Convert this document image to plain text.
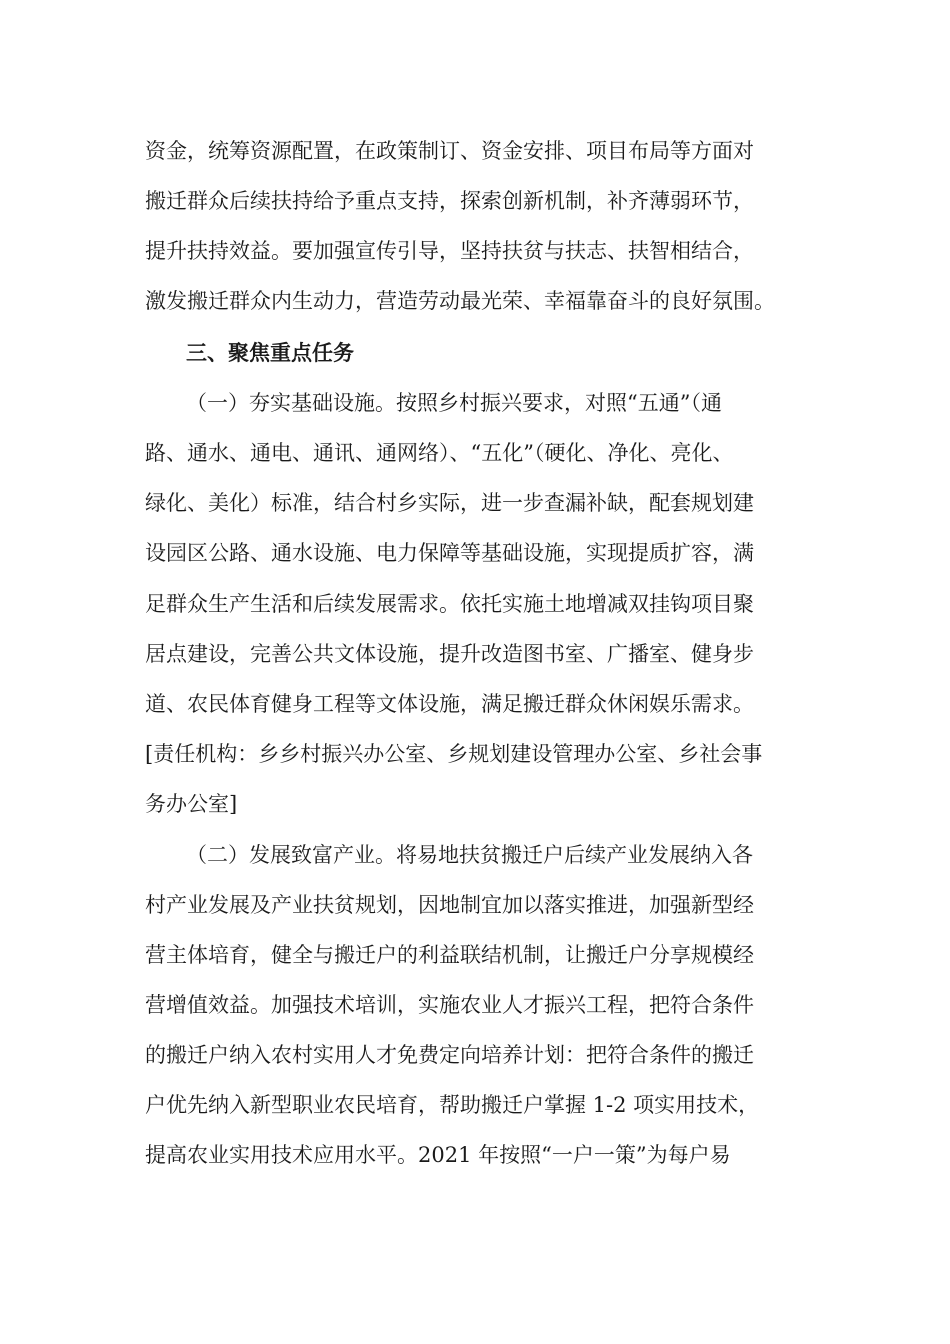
资金，统筹资源配置，在政策制订、资金安排、项目布局等方面对
搬迁群众后续扶持给予重点支持，探索创新机制，补齐薄弱环节，
提升扶持效益。要加强宣传引导，坚持扶贫与扶志、扶智相结合，
激发搬迁群众内生动力，营造劳动最光荣、幸福靠奋斗的良好氛围。
三、聚焦重点任务
（一）夯实基础设施。按照乡村振兴要求，对照“五通”（通
路、通水、通电、通讯、通网络）、“五化”（硬化、净化、亮化、
绿化、美化）标准，结合村乡实际，进一步查漏补缺，配套规划建
设园区公路、通水设施、电力保障等基础设施，实现提质扩容，满
足群众生产生活和后续发展需求。依托实施土地增减双挂钩项目聚
居点建设，完善公共文体设施，提升改造图书室、广播室、健身步
道、农民体育健身工程等文体设施，满足搬迁群众休闲娱乐需求。
[责任机构：乡乡村振兴办公室、乡规划建设管理办公室、乡社会事
务办公室]
（二）发展致富产业。将易地扶贫搬迁户后续产业发展纳入各
村产业发展及产业扶贫规划，因地制宜加以落实推进，加强新型经
营主体培育，健全与搬迁户的利益联结机制，让搬迁户分享规模经
营增值效益。加强技术培训，实施农业人才振兴工程，把符合条件
的搬迁户纳入农村实用人才免费定向培养计划：把符合条件的搬迁
户优先纳入新型职业农民培育，帮助搬迁户掌握 1-2 项实用技术，
提高农业实用技术应用水平。2021 年按照“一户一策”为每户易
